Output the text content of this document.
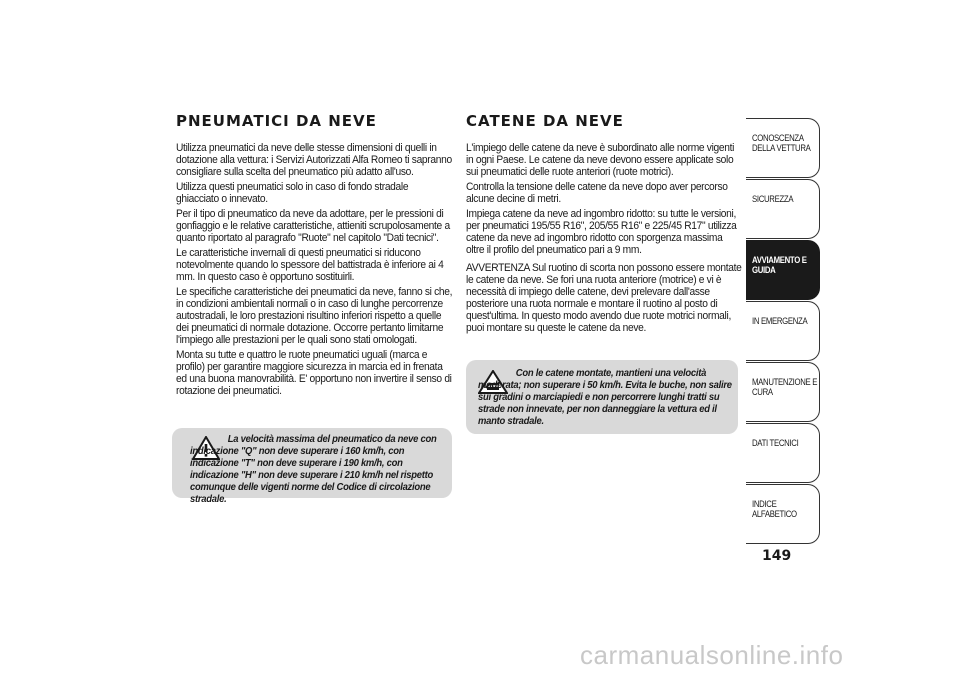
PNEUMATICI DA NEVE

Utilizza pneumatici da neve delle stesse dimensioni di quelli in dotazione alla vettura: i Servizi Autorizzati Alfa Romeo ti sapranno consigliare sulla scelta del pneumatico più adatto all'uso.

Utilizza questi pneumatici solo in caso di fondo stradale ghiacciato o innevato.

Per il tipo di pneumatico da neve da adottare, per le pressioni di gonfiaggio e le relative caratteristiche, attieniti scrupolosamente a quanto riportato al paragrafo "Ruote" nel capitolo "Dati tecnici".

Le caratteristiche invernali di questi pneumatici si riducono notevolmente quando lo spessore del battistrada è inferiore ai 4 mm. In questo caso è opportuno sostituirli.

Le specifiche caratteristiche dei pneumatici da neve, fanno si che, in condizioni ambientali normali o in caso di lunghe percorrenze autostradali, le loro prestazioni risultino inferiori rispetto a quelle dei pneumatici di normale dotazione. Occorre pertanto limitarne l'impiego alle prestazioni per le quali sono stati omologati.

Monta su tutte e quattro le ruote pneumatici uguali (marca e profilo) per garantire maggiore sicurezza in marcia ed in frenata ed una buona manovrabilità. E' opportuno non invertire il senso di rotazione dei pneumatici.

La velocità massima del pneumatico da neve con indicazione "Q" non deve superare i 160 km/h, con indicazione "T" non deve superare i 190 km/h, con indicazione "H" non deve superare i 210 km/h nel rispetto comunque delle vigenti norme del Codice di circolazione stradale.
CATENE DA NEVE

L'impiego delle catene da neve è subordinato alle norme vigenti in ogni Paese. Le catene da neve devono essere applicate solo sui pneumatici delle ruote anteriori (ruote motrici).

Controlla la tensione delle catene da neve dopo aver percorso alcune decine di metri.

Impiega catene da neve ad ingombro ridotto: su tutte le versioni, per pneumatici 195/55 R16", 205/55 R16" e 225/45 R17" utilizza catene da neve ad ingombro ridotto con sporgenza massima oltre il profilo del pneumatico pari a 9 mm.

AVVERTENZA Sul ruotino di scorta non possono essere montate le catene da neve. Se fori una ruota anteriore (motrice) e vi è necessità di impiego delle catene, devi prelevare dall'asse posteriore una ruota normale e montare il ruotino al posto di quest'ultima. In questo modo avendo due ruote motrici normali, puoi montare su queste le catene da neve.

Con le catene montate, mantieni una velocità moderata; non superare i 50 km/h. Evita le buche, non salire sui gradini o marciapiedi e non percorrere lunghi tratti su strade non innevate, per non danneggiare la vettura ed il manto stradale.
CONOSCENZA DELLA VETTURA
SICUREZZA
AVVIAMENTO E GUIDA
IN EMERGENZA
MANUTENZIONE E CURA
DATI TECNICI
INDICE ALFABETICO
149
carmanualsonline.info
